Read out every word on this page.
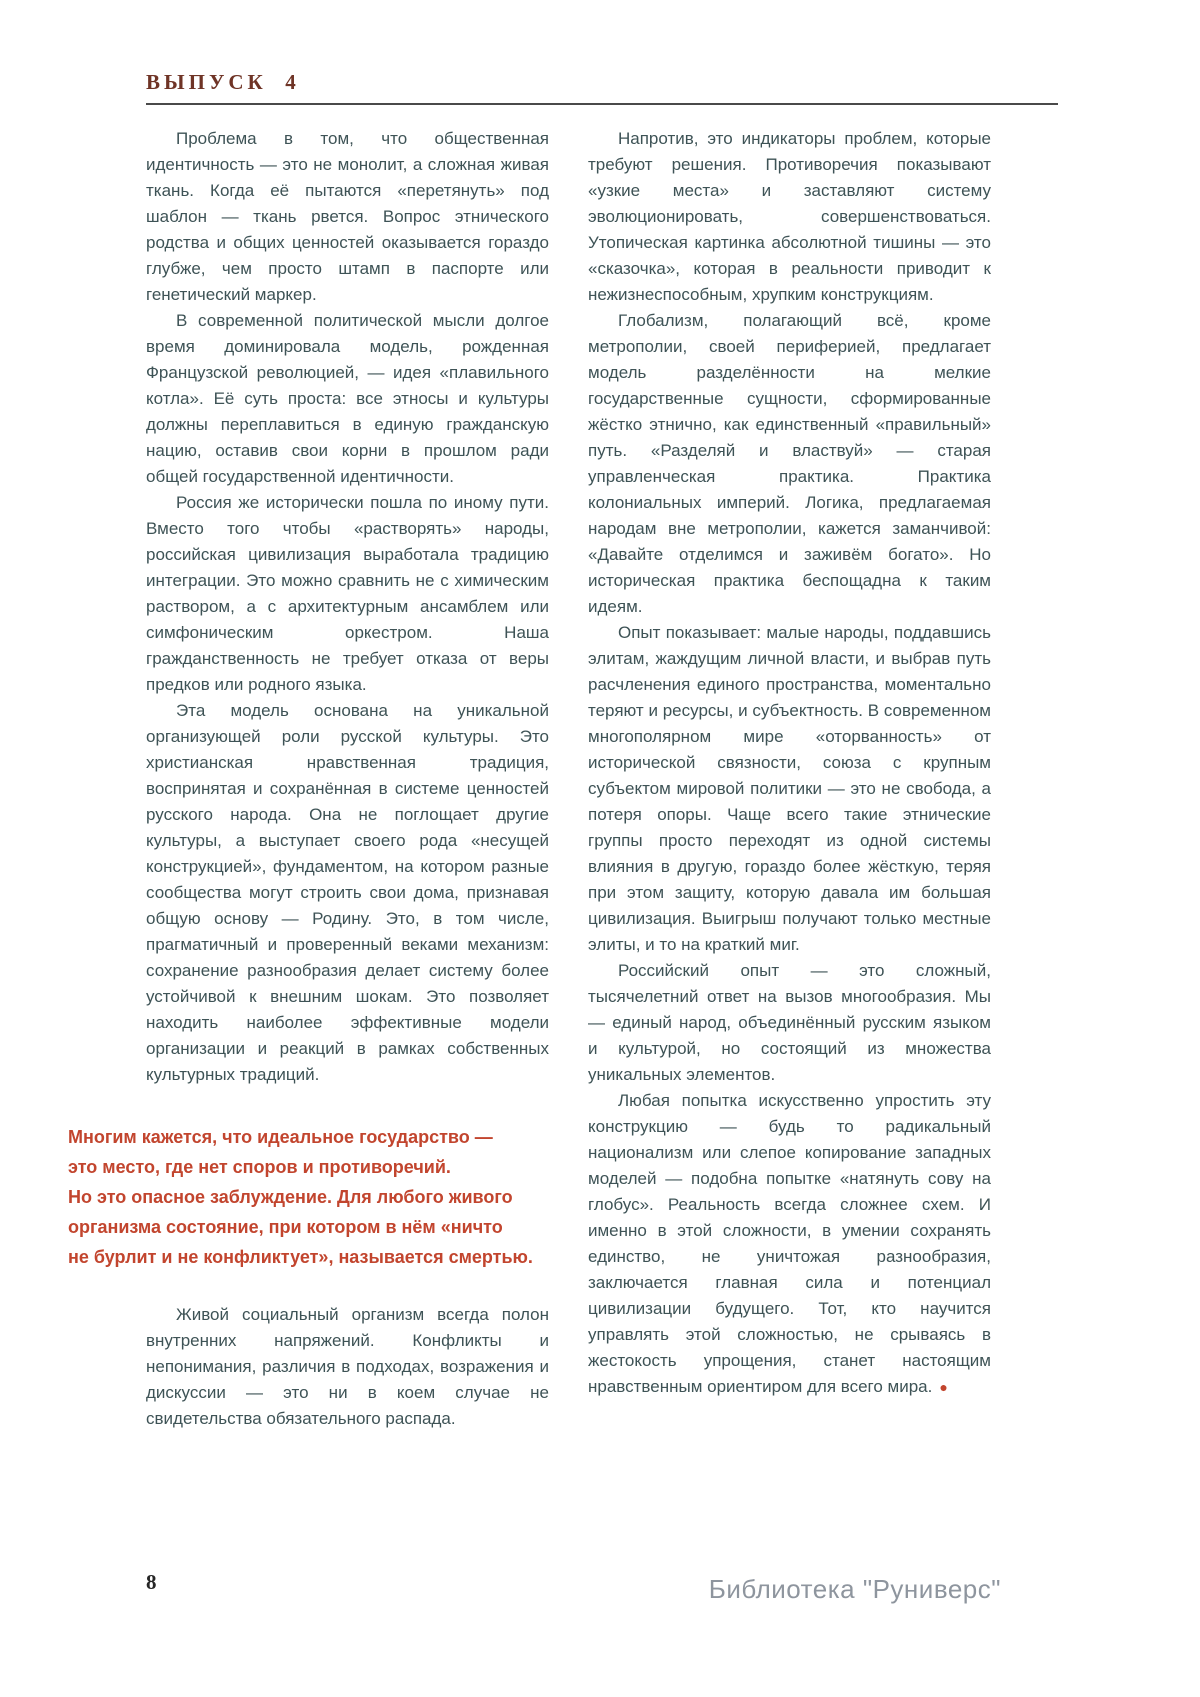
ВЫПУСК  4

Проблема в том, что общественная идентичность — это не монолит, а сложная живая ткань. Когда её пытаются «перетянуть» под шаблон — ткань рвется. Вопрос этнического родства и общих ценностей оказывается гораздо глубже, чем просто штамп в паспорте или генетический маркер.

В современной политической мысли долгое время доминировала модель, рожденная Французской революцией, — идея «плавильного котла». Её суть проста: все этносы и культуры должны переплавиться в единую гражданскую нацию, оставив свои корни в прошлом ради общей государственной идентичности.

Россия же исторически пошла по иному пути. Вместо того чтобы «растворять» народы, российская цивилизация выработала традицию интеграции. Это можно сравнить не с химическим раствором, а с архитектурным ансамблем или симфоническим оркестром. Наша гражданственность не требует отказа от веры предков или родного языка.

Эта модель основана на уникальной организующей роли русской культуры. Это христианская нравственная традиция, воспринятая и сохранённая в системе ценностей русского народа. Она не поглощает другие культуры, а выступает своего рода «несущей конструкцией», фундаментом, на котором разные сообщества могут строить свои дома, признавая общую основу — Родину. Это, в том числе, прагматичный и проверенный веками механизм: сохранение разнообразия делает систему более устойчивой к внешним шокам. Это позволяет находить наиболее эффективные модели организации и реакций в рамках собственных культурных традиций.

Многим кажется, что идеальное государство —
это место, где нет споров и противоречий.
Но это опасное заблуждение. Для любого живого
организма состояние, при котором в нём «ничто
не бурлит и не конфликтует», называется смертью.

Живой социальный организм всегда полон внутренних напряжений. Конфликты и непонимания, различия в подходах, возражения и дискуссии — это ни в коем случае не свидетельства обязательного распада.

Напротив, это индикаторы проблем, которые требуют решения. Противоречия показывают «узкие места» и заставляют систему эволюционировать, совершенствоваться. Утопическая картинка абсолютной тишины — это «сказочка», которая в реальности приводит к нежизнеспособным, хрупким конструкциям.

Глобализм, полагающий всё, кроме метрополии, своей периферией, предлагает модель разделённости на мелкие государственные сущности, сформированные жёстко этнично, как единственный «правильный» путь. «Разделяй и властвуй» — старая управленческая практика. Практика колониальных империй. Логика, предлагаемая народам вне метрополии, кажется заманчивой: «Давайте отделимся и заживём богато». Но историческая практика беспощадна к таким идеям.

Опыт показывает: малые народы, поддавшись элитам, жаждущим личной власти, и выбрав путь расчленения единого пространства, моментально теряют и ресурсы, и субъектность. В современном многополярном мире «оторванность» от исторической связности, союза с крупным субъектом мировой политики — это не свобода, а потеря опоры. Чаще всего такие этнические группы просто переходят из одной системы влияния в другую, гораздо более жёсткую, теряя при этом защиту, которую давала им большая цивилизация. Выигрыш получают только местные элиты, и то на краткий миг.

Российский опыт — это сложный, тысячелетний ответ на вызов многообразия. Мы — единый народ, объединённый русским языком и культурой, но состоящий из множества уникальных элементов.

Любая попытка искусственно упростить эту конструкцию — будь то радикальный национализм или слепое копирование западных моделей — подобна попытке «натянуть сову на глобус». Реальность всегда сложнее схем. И именно в этой сложности, в умении сохранять единство, не уничтожая разнообразия, заключается главная сила и потенциал цивилизации будущего. Тот, кто научится управлять этой сложностью, не срываясь в жестокость упрощения, станет настоящим нравственным ориентиром для всего мира. ●

8	Библиотека "Руниверс"
